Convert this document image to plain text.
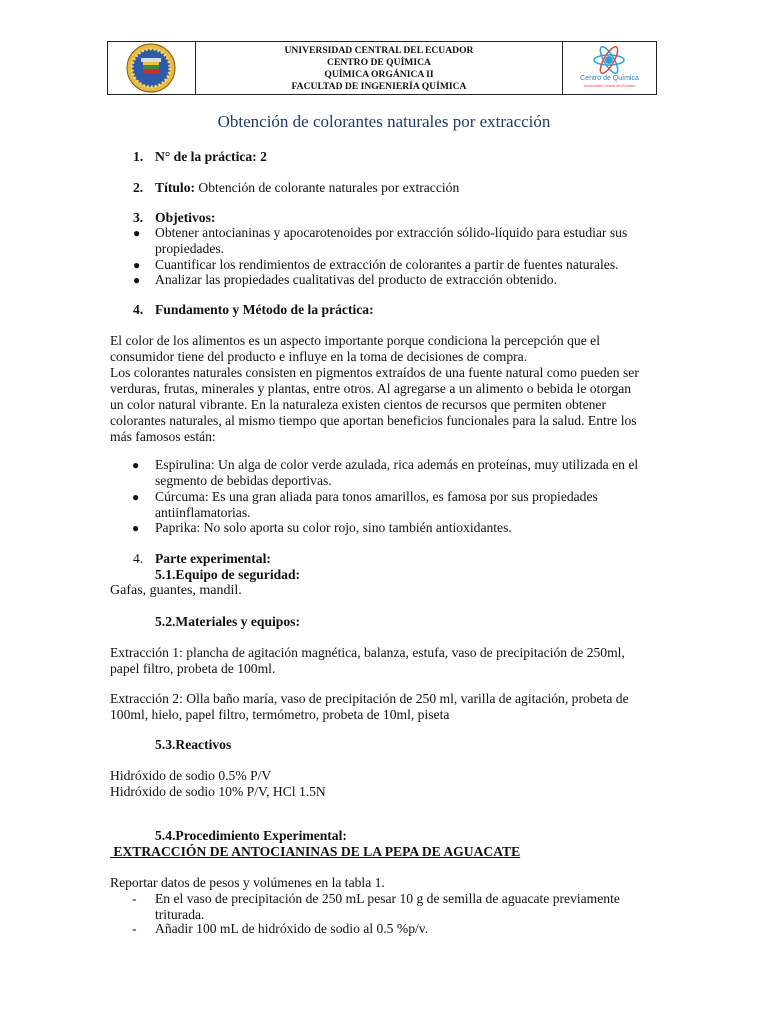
UNIVERSIDAD CENTRAL DEL ECUADOR
CENTRO DE QUÍMICA
QUÍMICA ORGÁNICA II
FACULTAD DE INGENIERÍA QUÍMICA
Centro de Química
Universidad Central del Ecuador
Obtención de colorantes naturales por extracción
1. N° de la práctica: 2
2. Título: Obtención de colorante naturales por extracción
3. Objetivos:
● Obtener antocianinas y apocarotenoides por extracción sólido-líquido para estudiar sus
propiedades.
● Cuantificar los rendimientos de extracción de colorantes a partir de fuentes naturales.
● Analizar las propiedades cualitativas del producto de extracción obtenido.
4. Fundamento y Método de la práctica:
El color de los alimentos es un aspecto importante porque condiciona la percepción que el
consumidor tiene del producto e influye en la toma de decisiones de compra.
Los colorantes naturales consisten en pigmentos extraídos de una fuente natural como pueden ser
verduras, frutas, minerales y plantas, entre otros. Al agregarse a un alimento o bebida le otorgan
un color natural vibrante. En la naturaleza existen cientos de recursos que permiten obtener
colorantes naturales, al mismo tiempo que aportan beneficios funcionales para la salud. Entre los
más famosos están:
● Espirulina: Un alga de color verde azulada, rica además en proteínas, muy utilizada en el
segmento de bebidas deportivas.
● Cúrcuma: Es una gran aliada para tonos amarillos, es famosa por sus propiedades
antiinflamatorias.
● Paprika: No solo aporta su color rojo, sino también antioxidantes.
4. Parte experimental:
5.1.Equipo de seguridad:
Gafas, guantes, mandil.
5.2.Materiales y equipos:
Extracción 1: plancha de agitación magnética, balanza, estufa, vaso de precipitación de 250ml,
papel filtro, probeta de 100ml.
Extracción 2: Olla baño maría, vaso de precipitación de 250 ml, varilla de agitación, probeta de
100ml, hielo, papel filtro, termómetro, probeta de 10ml, piseta
5.3.Reactivos
Hidróxido de sodio 0.5% P/V
Hidróxido de sodio 10% P/V, HCl 1.5N
5.4.Procedimiento Experimental:
EXTRACCIÓN DE ANTOCIANINAS DE LA PEPA DE AGUACATE
Reportar datos de pesos y volúmenes en la tabla 1.
- En el vaso de precipitación de 250 mL pesar 10 g de semilla de aguacate previamente
triturada.
- Añadir 100 mL de hidróxido de sodio al 0.5 %p/v.
